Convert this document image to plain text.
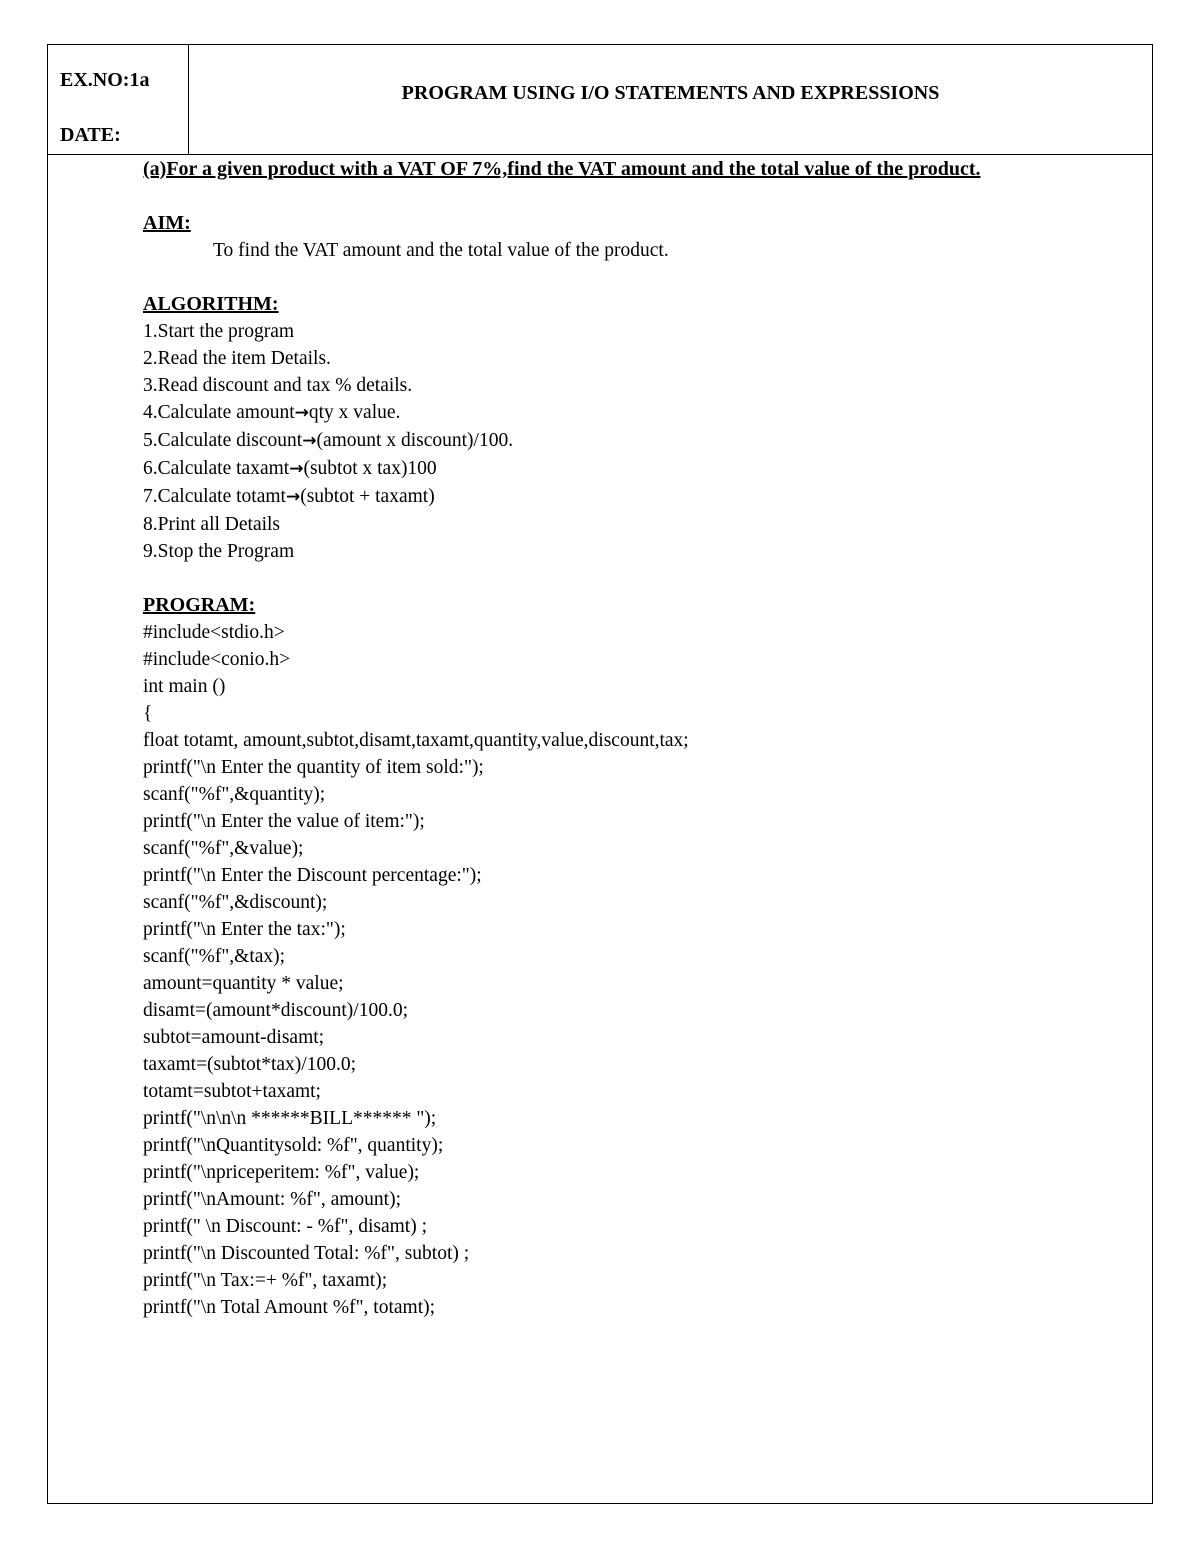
EX.NO:1a
DATE:
PROGRAM USING I/O STATEMENTS AND EXPRESSIONS
(a)For a given product with a VAT OF 7%,find the VAT amount and the total value of the product.
AIM:
To find the VAT amount and the total value of the product.
ALGORITHM:
1.Start the program
2.Read the item Details.
3.Read discount and tax % details.
4.Calculate amount→qty x value.
5.Calculate discount→(amount x discount)/100.
6.Calculate taxamt→(subtot x tax)100
7.Calculate totamt→(subtot + taxamt)
8.Print all Details
9.Stop the Program
PROGRAM:
#include<stdio.h>
#include<conio.h>
int main ()
{
float totamt, amount,subtot,disamt,taxamt,quantity,value,discount,tax;
printf("\n Enter the quantity of item sold:");
scanf("%f",&quantity);
printf("\n Enter the value of item:");
scanf("%f",&value);
printf("\n Enter the Discount percentage:");
scanf("%f",&discount);
printf("\n Enter the tax:");
scanf("%f",&tax);
amount=quantity * value;
disamt=(amount*discount)/100.0;
subtot=amount-disamt;
taxamt=(subtot*tax)/100.0;
totamt=subtot+taxamt;
printf("\n\n\n ******BILL****** ");
printf("\nQuantitysold: %f", quantity);
printf("\npriceperitem: %f", value);
printf("\nAmount: %f", amount);
printf(" \n Discount: - %f", disamt) ;
printf("\n Discounted Total: %f", subtot) ;
printf("\n Tax:=+ %f", taxamt);
printf("\n Total Amount %f", totamt);
